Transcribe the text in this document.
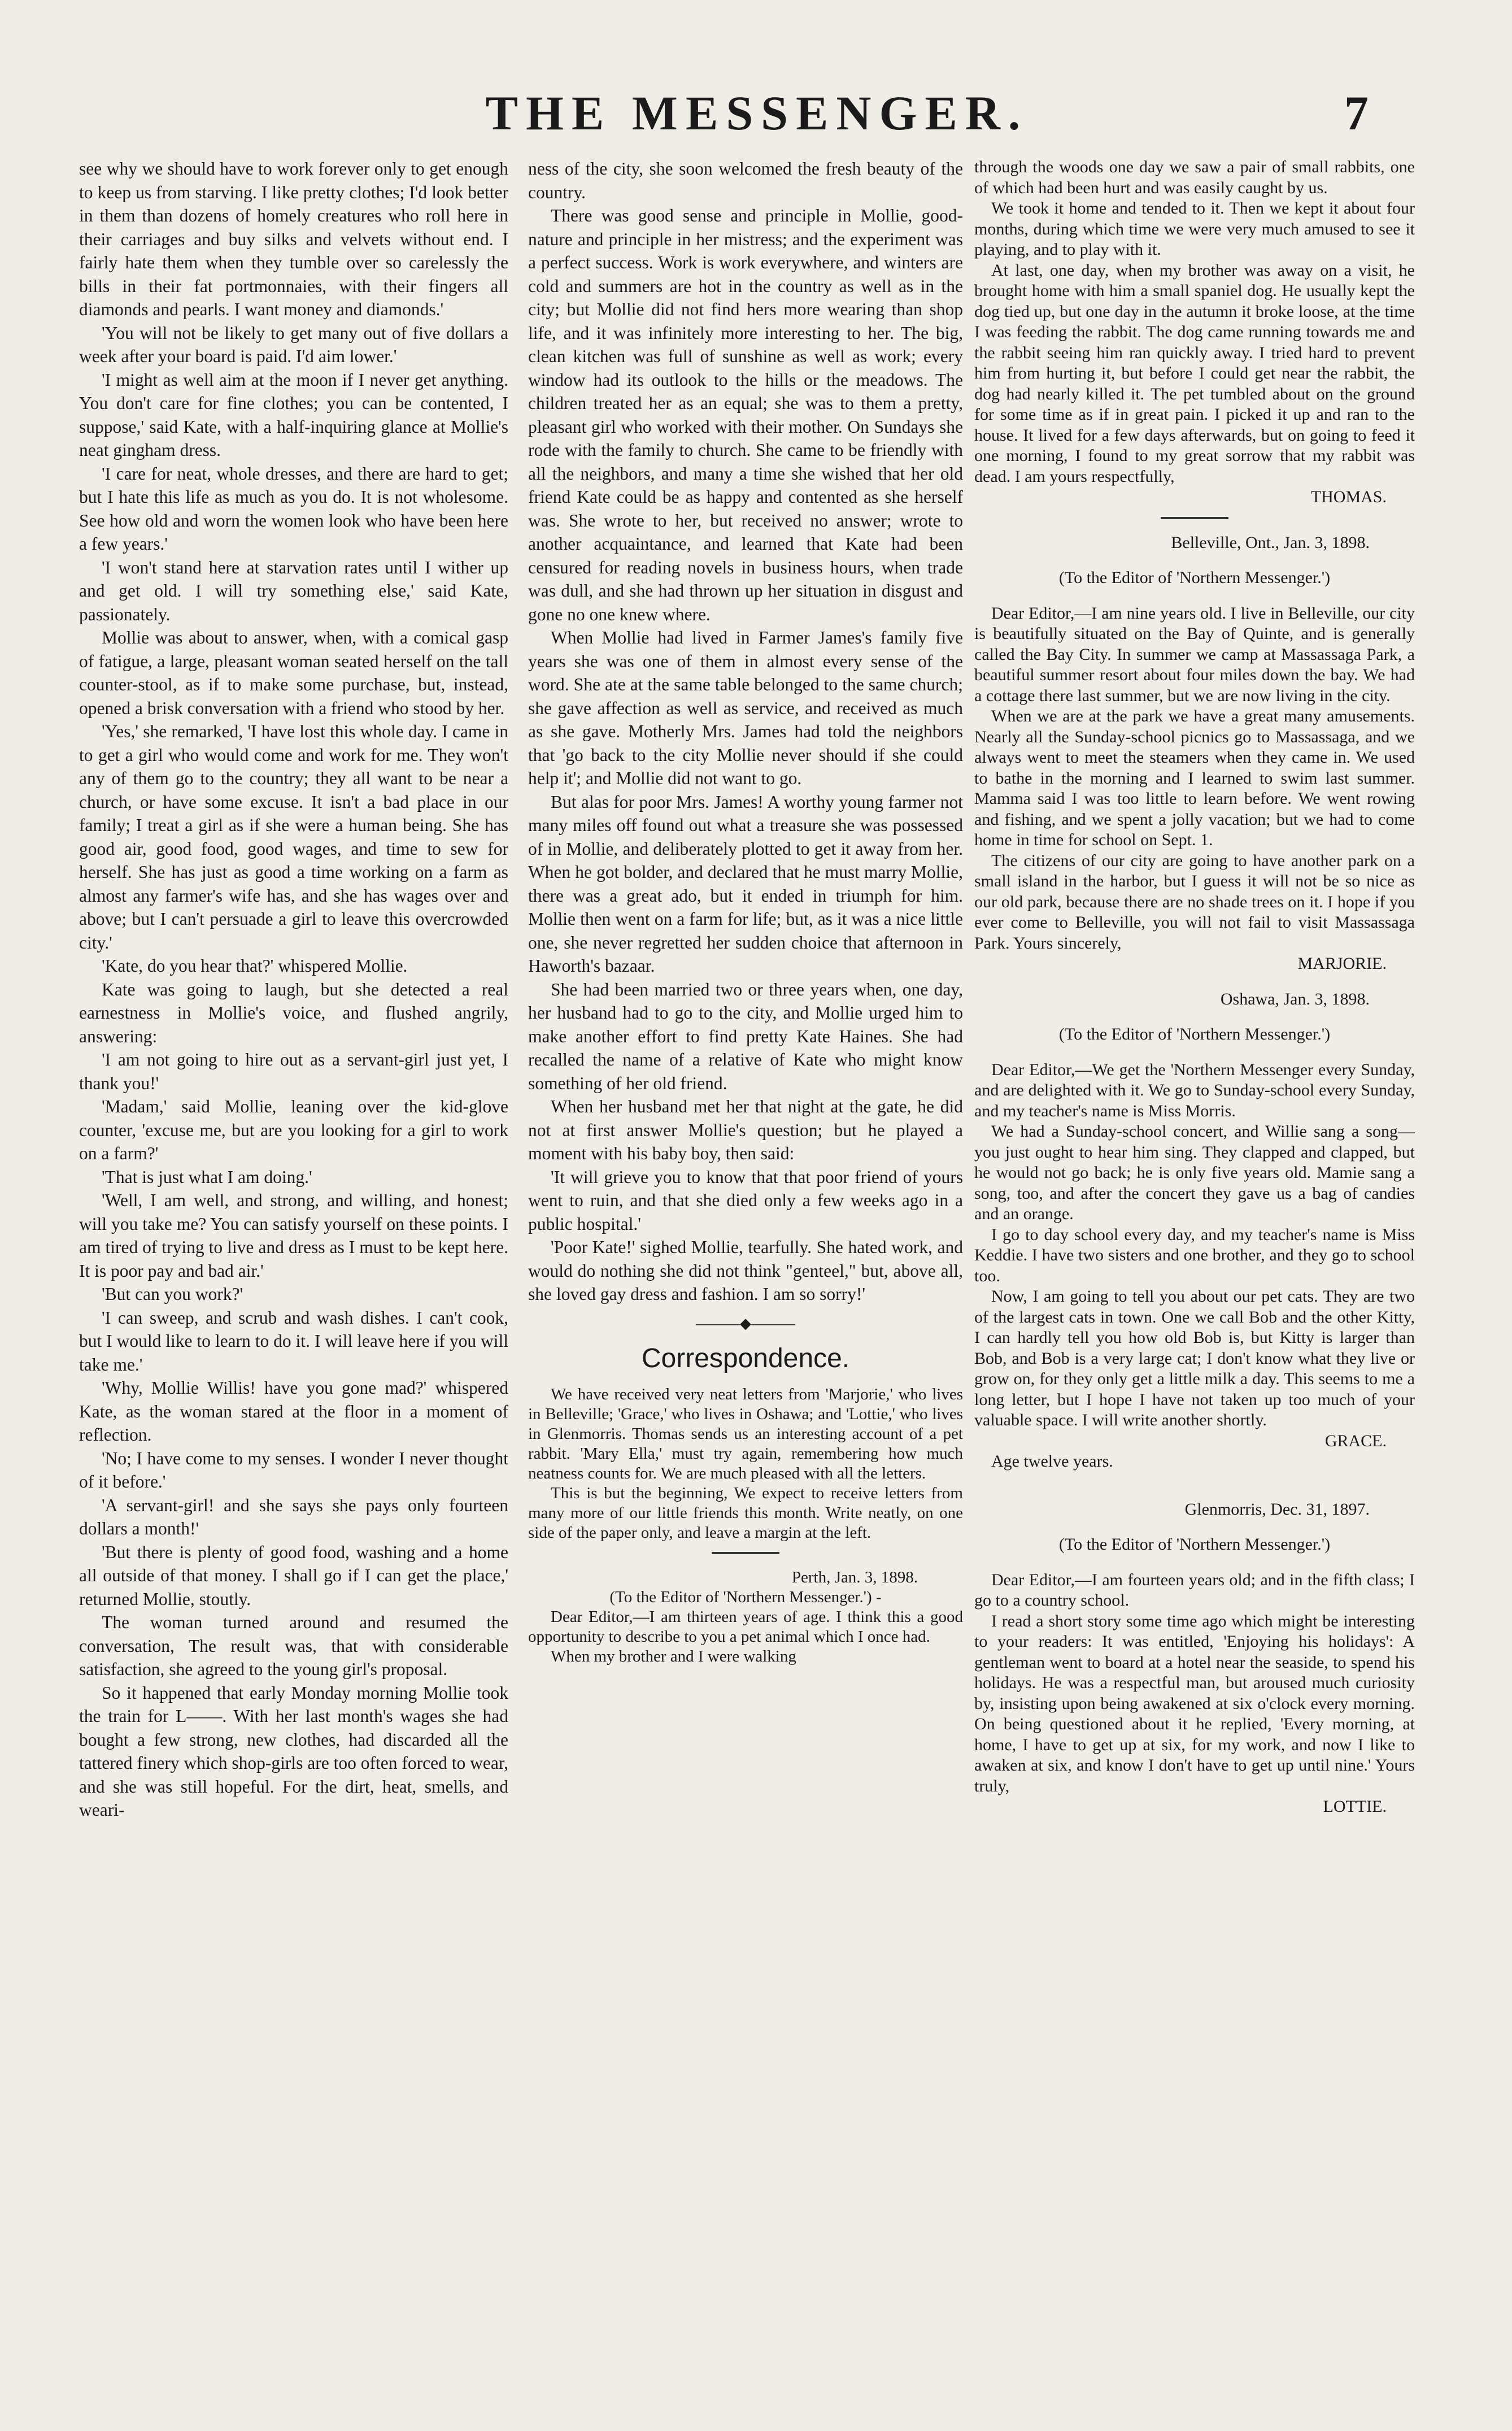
THE MESSENGER.	7

see why we should have to work forever only to get enough to keep us from starving. I like pretty clothes; I'd look better in them than dozens of homely creatures who roll here in their carriages and buy silks and velvets without end. I fairly hate them when they tumble over so carelessly the bills in their fat portmonnaies, with their fingers all diamonds and pearls. I want money and diamonds.'

'You will not be likely to get many out of five dollars a week after your board is paid. I'd aim lower.'

'I might as well aim at the moon if I never get anything. You don't care for fine clothes; you can be contented, I suppose,' said Kate, with a half-inquiring glance at Mollie's neat gingham dress.

'I care for neat, whole dresses, and there are hard to get; but I hate this life as much as you do. It is not wholesome. See how old and worn the women look who have been here a few years.'

'I won't stand here at starvation rates until I wither up and get old. I will try something else,' said Kate, passionately.

Mollie was about to answer, when, with a comical gasp of fatigue, a large, pleasant woman seated herself on the tall counter-stool, as if to make some purchase, but, instead, opened a brisk conversation with a friend who stood by her.

'Yes,' she remarked, 'I have lost this whole day. I came in to get a girl who would come and work for me. They won't any of them go to the country; they all want to be near a church, or have some excuse. It isn't a bad place in our family; I treat a girl as if she were a human being. She has good air, good food, good wages, and time to sew for herself. She has just as good a time working on a farm as almost any farmer's wife has, and she has wages over and above; but I can't persuade a girl to leave this overcrowded city.'

'Kate, do you hear that?' whispered Mollie.

Kate was going to laugh, but she detected a real earnestness in Mollie's voice, and flushed angrily, answering:

'I am not going to hire out as a servant-girl just yet, I thank you!'

'Madam,' said Mollie, leaning over the kid-glove counter, 'excuse me, but are you looking for a girl to work on a farm?'

'That is just what I am doing.'

'Well, I am well, and strong, and willing, and honest; will you take me? You can satisfy yourself on these points. I am tired of trying to live and dress as I must to be kept here. It is poor pay and bad air.'

'But can you work?'

'I can sweep, and scrub and wash dishes. I can't cook, but I would like to learn to do it. I will leave here if you will take me.'

'Why, Mollie Willis! have you gone mad?' whispered Kate, as the woman stared at the floor in a moment of reflection.

'No; I have come to my senses. I wonder I never thought of it before.'

'A servant-girl! and she says she pays only fourteen dollars a month!'

'But there is plenty of good food, washing and a home all outside of that money. I shall go if I can get the place,' returned Mollie, stoutly.

The woman turned around and resumed the conversation, The result was, that with considerable satisfaction, she agreed to the young girl's proposal.

So it happened that early Monday morning Mollie took the train for L——. With her last month's wages she had bought a few strong, new clothes, had discarded all the tattered finery which shop-girls are too often forced to wear, and she was still hopeful. For the dirt, heat, smells, and weari-

ness of the city, she soon welcomed the fresh beauty of the country.

There was good sense and principle in Mollie, good-nature and principle in her mistress; and the experiment was a perfect success. Work is work everywhere, and winters are cold and summers are hot in the country as well as in the city; but Mollie did not find hers more wearing than shop life, and it was infinitely more interesting to her. The big, clean kitchen was full of sunshine as well as work; every window had its outlook to the hills or the meadows. The children treated her as an equal; she was to them a pretty, pleasant girl who worked with their mother. On Sundays she rode with the family to church. She came to be friendly with all the neighbors, and many a time she wished that her old friend Kate could be as happy and contented as she herself was. She wrote to her, but received no answer; wrote to another acquaintance, and learned that Kate had been censured for reading novels in business hours, when trade was dull, and she had thrown up her situation in disgust and gone no one knew where.

When Mollie had lived in Farmer James's family five years she was one of them in almost every sense of the word. She ate at the same table belonged to the same church; she gave affection as well as service, and received as much as she gave. Motherly Mrs. James had told the neighbors that 'go back to the city Mollie never should if she could help it'; and Mollie did not want to go.

But alas for poor Mrs. James! A worthy young farmer not many miles off found out what a treasure she was possessed of in Mollie, and deliberately plotted to get it away from her. When he got bolder, and declared that he must marry Mollie, there was a great ado, but it ended in triumph for him. Mollie then went on a farm for life; but, as it was a nice little one, she never regretted her sudden choice that afternoon in Haworth's bazaar.

She had been married two or three years when, one day, her husband had to go to the city, and Mollie urged him to make another effort to find pretty Kate Haines. She had recalled the name of a relative of Kate who might know something of her old friend.

When her husband met her that night at the gate, he did not at first answer Mollie's question; but he played a moment with his baby boy, then said:

'It will grieve you to know that that poor friend of yours went to ruin, and that she died only a few weeks ago in a public hospital.'

'Poor Kate!' sighed Mollie, tearfully. She hated work, and would do nothing she did not think "genteel," but, above all, she loved gay dress and fashion. I am so sorry!'

———◆———
Correspondence.

We have received very neat letters from 'Marjorie,' who lives in Belleville; 'Grace,' who lives in Oshawa; and 'Lottie,' who lives in Glenmorris. Thomas sends us an interesting account of a pet rabbit. 'Mary Ella,' must try again, remembering how much neatness counts for. We are much pleased with all the letters.

This is but the beginning, We expect to receive letters from many more of our little friends this month. Write neatly, on one side of the paper only, and leave a margin at the left.

Perth, Jan. 3, 1898.

(To the Editor of 'Northern Messenger.') -

Dear Editor,—I am thirteen years of age. I think this a good opportunity to describe to you a pet animal which I once had.

When my brother and I were walking

through the woods one day we saw a pair of small rabbits, one of which had been hurt and was easily caught by us.

We took it home and tended to it. Then we kept it about four months, during which time we were very much amused to see it playing, and to play with it.

At last, one day, when my brother was away on a visit, he brought home with him a small spaniel dog. He usually kept the dog tied up, but one day in the autumn it broke loose, at the time I was feeding the rabbit. The dog came running towards me and the rabbit seeing him ran quickly away. I tried hard to prevent him from hurting it, but before I could get near the rabbit, the dog had nearly killed it. The pet tumbled about on the ground for some time as if in great pain. I picked it up and ran to the house. It lived for a few days afterwards, but on going to feed it one morning, I found to my great sorrow that my rabbit was dead. I am yours respectfully,

THOMAS.

Belleville, Ont., Jan. 3, 1898.

(To the Editor of 'Northern Messenger.')

Dear Editor,—I am nine years old. I live in Belleville, our city is beautifully situated on the Bay of Quinte, and is generally called the Bay City. In summer we camp at Massassaga Park, a beautiful summer resort about four miles down the bay. We had a cottage there last summer, but we are now living in the city.

When we are at the park we have a great many amusements. Nearly all the Sunday-school picnics go to Massassaga, and we always went to meet the steamers when they came in. We used to bathe in the morning and I learned to swim last summer. Mamma said I was too little to learn before. We went rowing and fishing, and we spent a jolly vacation; but we had to come home in time for school on Sept. 1.

The citizens of our city are going to have another park on a small island in the harbor, but I guess it will not be so nice as our old park, because there are no shade trees on it. I hope if you ever come to Belleville, you will not fail to visit Massassaga Park. Yours sincerely,

MARJORIE.

Oshawa, Jan. 3, 1898.

(To the Editor of 'Northern Messenger.')

Dear Editor,—We get the 'Northern Messenger every Sunday, and are delighted with it. We go to Sunday-school every Sunday, and my teacher's name is Miss Morris.

We had a Sunday-school concert, and Willie sang a song—you just ought to hear him sing. They clapped and clapped, but he would not go back; he is only five years old. Mamie sang a song, too, and after the concert they gave us a bag of candies and an orange.

I go to day school every day, and my teacher's name is Miss Keddie. I have two sisters and one brother, and they go to school too.

Now, I am going to tell you about our pet cats. They are two of the largest cats in town. One we call Bob and the other Kitty, I can hardly tell you how old Bob is, but Kitty is larger than Bob, and Bob is a very large cat; I don't know what they live or grow on, for they only get a little milk a day. This seems to me a long letter, but I hope I have not taken up too much of your valuable space. I will write another shortly.

GRACE.

Age twelve years.

Glenmorris, Dec. 31, 1897.

(To the Editor of 'Northern Messenger.')

Dear Editor,—I am fourteen years old; and in the fifth class; I go to a country school.

I read a short story some time ago which might be interesting to your readers: It was entitled, 'Enjoying his holidays': A gentleman went to board at a hotel near the seaside, to spend his holidays. He was a respectful man, but aroused much curiosity by, insisting upon being awakened at six o'clock every morning. On being questioned about it he replied, 'Every morning, at home, I have to get up at six, for my work, and now I like to awaken at six, and know I don't have to get up until nine.' Yours truly,

LOTTIE.
